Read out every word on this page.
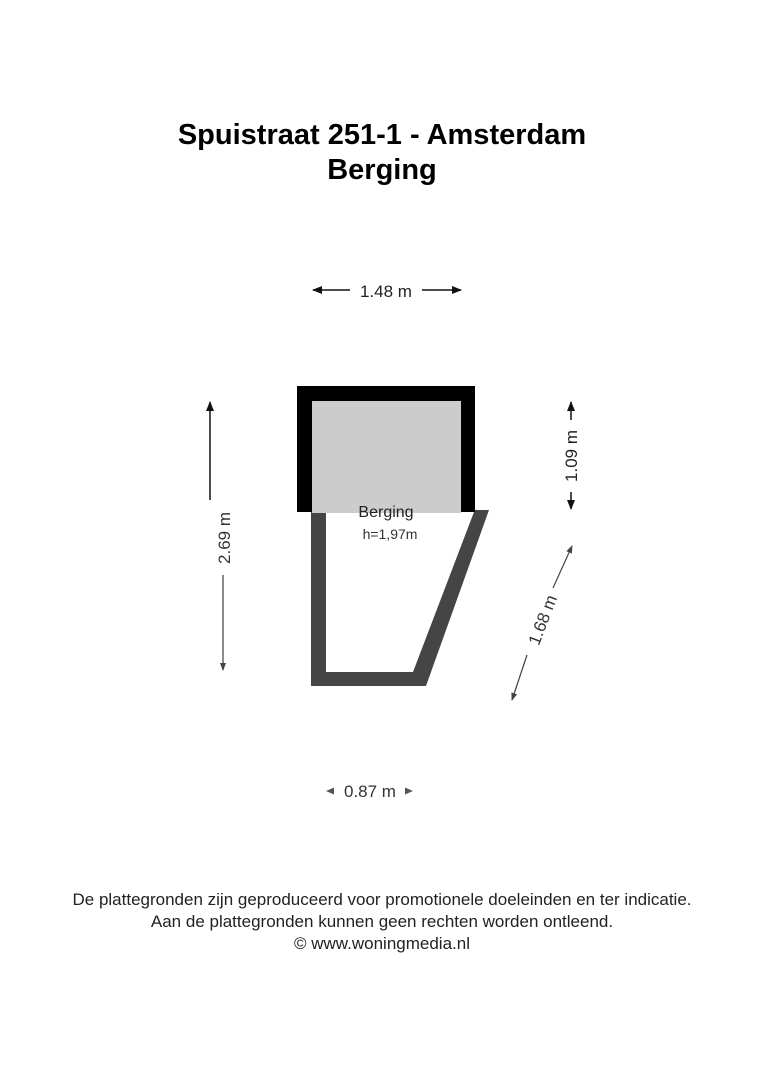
Spuistraat 251-1 - Amsterdam
Berging
Berging
h=1,97m
1.48 m
2.69 m
1.09 m
1.68 m
0.87 m
De plattegronden zijn geproduceerd voor promotionele doeleinden en ter indicatie.
Aan de plattegronden kunnen geen rechten worden ontleend.
© www.woningmedia.nl
